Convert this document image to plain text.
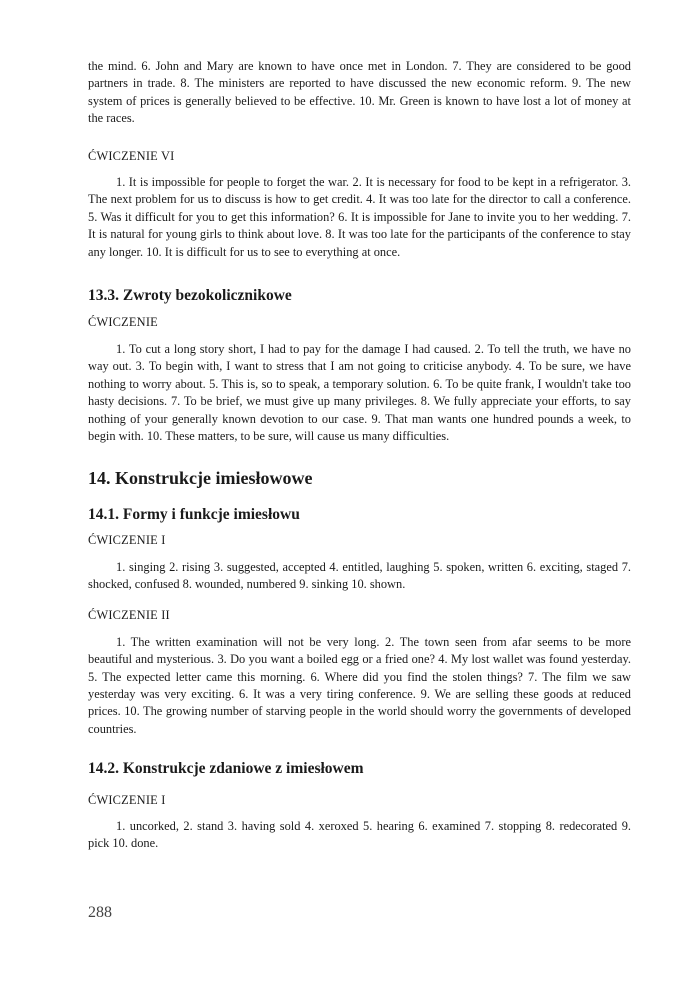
the mind. 6. John and Mary are known to have once met in London. 7. They are considered to be good partners in trade. 8. The ministers are reported to have discussed the new economic reform. 9. The new system of prices is generally believed to be effective. 10. Mr. Green is known to have lost a lot of money at the races.

ĆWICZENIE VI

1. It is impossible for people to forget the war. 2. It is necessary for food to be kept in a refrigerator. 3. The next problem for us to discuss is how to get credit. 4. It was too late for the director to call a conference. 5. Was it difficult for you to get this information? 6. It is impossible for Jane to invite you to her wedding. 7. It is natural for young girls to think about love. 8. It was too late for the participants of the conference to stay any longer. 10. It is difficult for us to see to everything at once.

13.3. Zwroty bezokolicznikowe
ĆWICZENIE

1. To cut a long story short, I had to pay for the damage I had caused. 2. To tell the truth, we have no way out. 3. To begin with, I want to stress that I am not going to criticise anybody. 4. To be sure, we have nothing to worry about. 5. This is, so to speak, a temporary solution. 6. To be quite frank, I wouldn't take too hasty decisions. 7. To be brief, we must give up many privileges. 8. We fully appreciate your efforts, to say nothing of your generally known devotion to our case. 9. That man wants one hundred pounds a week, to begin with. 10. These matters, to be sure, will cause us many difficulties.

14. Konstrukcje imiesłowowe
14.1. Formy i funkcje imiesłowu
ĆWICZENIE I

1. singing 2. rising 3. suggested, accepted 4. entitled, laughing 5. spoken, written 6. exciting, staged 7. shocked, confused 8. wounded, numbered 9. sinking 10. shown.

ĆWICZENIE II

1. The written examination will not be very long. 2. The town seen from afar seems to be more beautiful and mysterious. 3. Do you want a boiled egg or a fried one? 4. My lost wallet was found yesterday. 5. The expected letter came this morning. 6. Where did you find the stolen things? 7. The film we saw yesterday was very exciting. 6. It was a very tiring conference. 9. We are selling these goods at reduced prices. 10. The growing number of starving people in the world should worry the governments of developed countries.

14.2. Konstrukcje zdaniowe z imiesłowem
ĆWICZENIE I

1. uncorked, 2. stand 3. having sold 4. xeroxed 5. hearing 6. examined 7. stopping 8. redecorated 9. pick 10. done.

288
